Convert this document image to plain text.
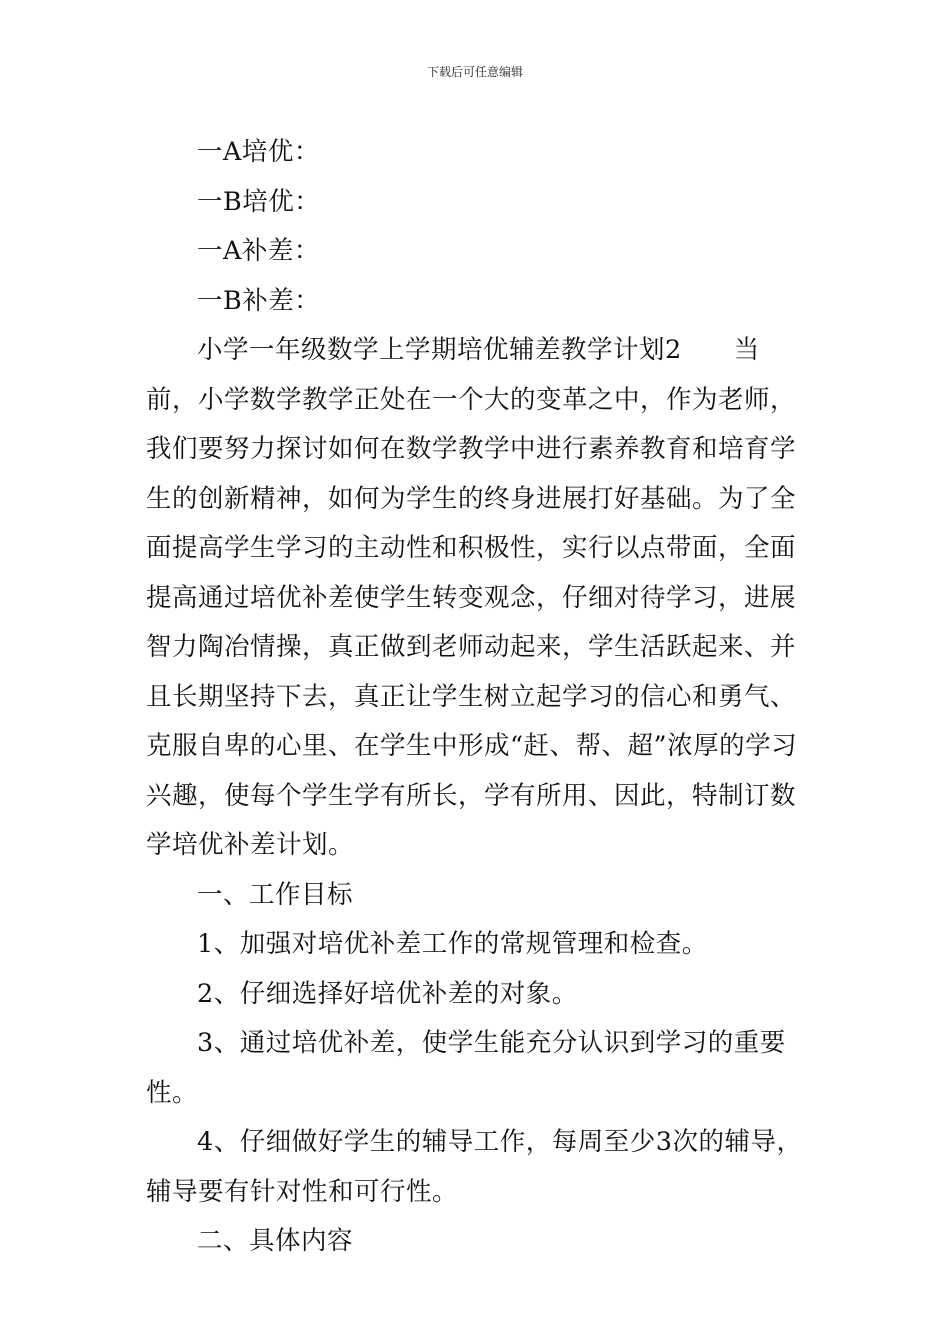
下载后可任意编辑

一A培优：

一B培优：

一A补差：

一B补差：

小学一年级数学上学期培优辅差教学计划2 当前，小学数学教学正处在一个大的变革之中，作为老师，我们要努力探讨如何在数学教学中进行素养教育和培育学生的创新精神，如何为学生的终身进展打好基础。为了全面提高学生学习的主动性和积极性，实行以点带面，全面提高通过培优补差使学生转变观念，仔细对待学习，进展智力陶冶情操，真正做到老师动起来，学生活跃起来、并且长期坚持下去，真正让学生树立起学习的信心和勇气、克服自卑的心里、在学生中形成“赶、帮、超”浓厚的学习兴趣，使每个学生学有所长，学有所用、因此，特制订数学培优补差计划。

一、工作目标

1、加强对培优补差工作的常规管理和检查。

2、仔细选择好培优补差的对象。

3、通过培优补差，使学生能充分认识到学习的重要性。

4、仔细做好学生的辅导工作，每周至少3次的辅导，辅导要有针对性和可行性。

二、具体内容
